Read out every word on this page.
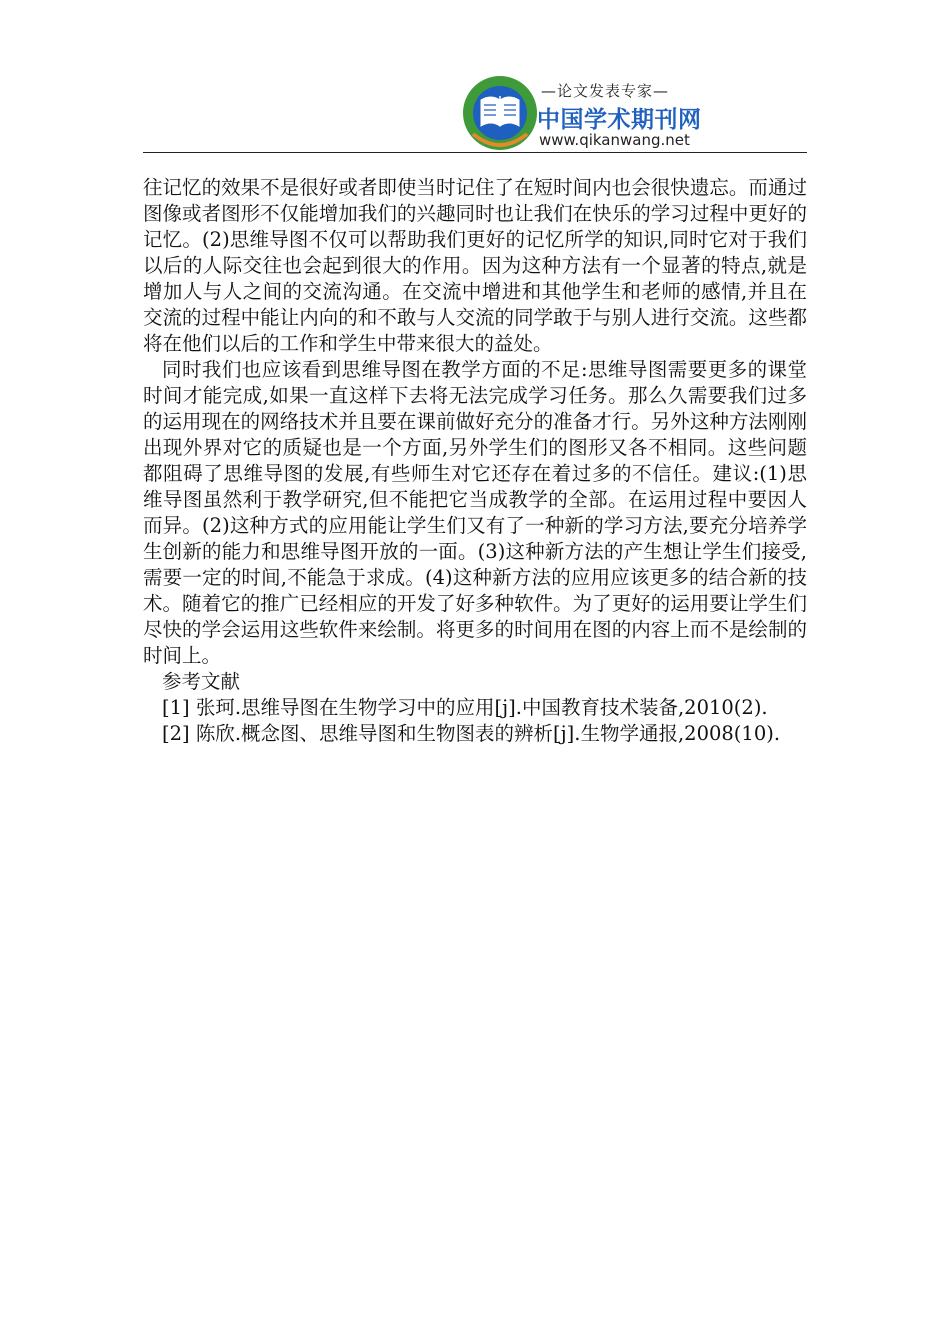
—论文发表专家—
中国学术期刊网
www.qikanwang.net

往记忆的效果不是很好或者即使当时记住了在短时间内也会很快遗忘。而通过图像或者图形不仅能增加我们的兴趣同时也让我们在快乐的学习过程中更好的记忆。(2)思维导图不仅可以帮助我们更好的记忆所学的知识,同时它对于我们以后的人际交往也会起到很大的作用。因为这种方法有一个显著的特点,就是增加人与人之间的交流沟通。在交流中增进和其他学生和老师的感情,并且在交流的过程中能让内向的和不敢与人交流的同学敢于与别人进行交流。这些都将在他们以后的工作和学生中带来很大的益处。

同时我们也应该看到思维导图在教学方面的不足:思维导图需要更多的课堂时间才能完成,如果一直这样下去将无法完成学习任务。那么久需要我们过多的运用现在的网络技术并且要在课前做好充分的准备才行。另外这种方法刚刚出现外界对它的质疑也是一个方面,另外学生们的图形又各不相同。这些问题都阻碍了思维导图的发展,有些师生对它还存在着过多的不信任。建议:(1)思维导图虽然利于教学研究,但不能把它当成教学的全部。在运用过程中要因人而异。(2)这种方式的应用能让学生们又有了一种新的学习方法,要充分培养学生创新的能力和思维导图开放的一面。(3)这种新方法的产生想让学生们接受,需要一定的时间,不能急于求成。(4)这种新方法的应用应该更多的结合新的技术。随着它的推广已经相应的开发了好多种软件。为了更好的运用要让学生们尽快的学会运用这些软件来绘制。将更多的时间用在图的内容上而不是绘制的时间上。

参考文献

[1] 张珂.思维导图在生物学习中的应用[j].中国教育技术装备,2010(2).

[2] 陈欣.概念图、思维导图和生物图表的辨析[j].生物学通报,2008(10).
